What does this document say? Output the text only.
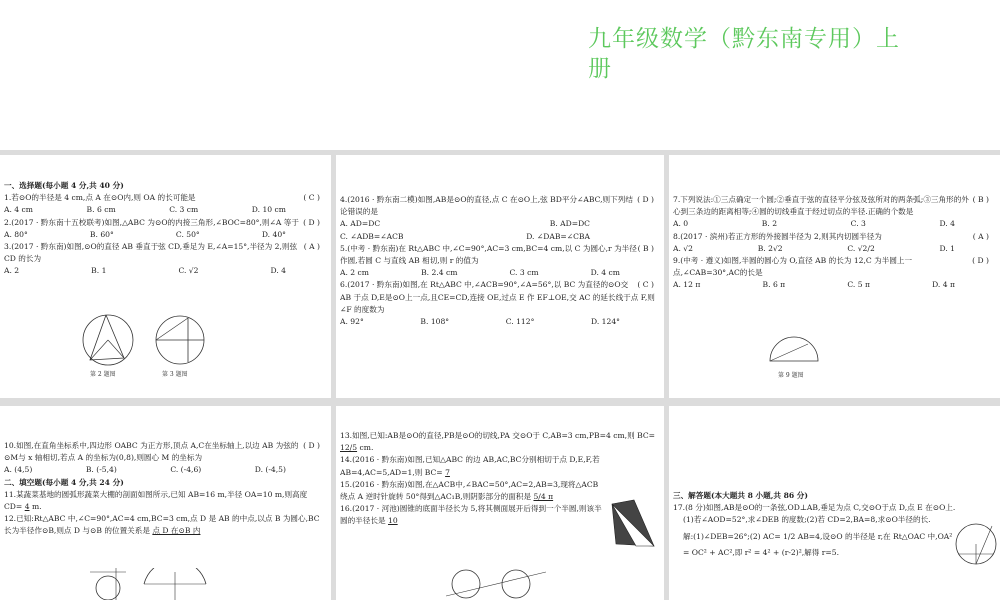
九年级数学（黔东南专用）上册

一、选择题(每小题 4 分,共 40 分)

( C )
1.若⊙O的半径是 4 cm,点 A 在⊙O内,则 OA 的长可能是

A. 4 cm	B. 6 cm	C. 3 cm	D. 10 cm

( D )
2.(2017 · 黔东南十五校联考)如图,△ABC 为⊙O的内接三角形,∠BOC=80°,则∠A 等于

A. 80°	B. 60°	C. 50°	D. 40°

( A )
3.(2017 · 黔东南)如图,⊙O的直径 AB 垂直于弦 CD,垂足为 E,∠A=15°,半径为 2,则弦 CD 的长为

A. 2	B. 1	C. √2	D. 4

第 2 题图	第 3 题图

( D )
4.(2016 · 黔东南二模)如图,AB是⊙O的直径,点 C 在⊙O上,弦 BD平分∠ABC,则下列结论错误的是

A. AD=DC	B. AD=DC

C. ∠ADB=∠ACB	D. ∠DAB=∠CBA

( B )
5.(中考 · 黔东南)在 Rt△ABC 中,∠C=90°,AC=3 cm,BC=4 cm,以 C 为圆心,r 为半径作圆,若圆 C 与直线 AB 相切,则 r 的值为

A. 2 cm	B. 2.4 cm	C. 3 cm	D. 4 cm

( C )
6.(2017 · 黔东南)如图,在 Rt△ABC 中,∠ACB=90°,∠A=56°,以 BC 为直径的⊙O交 AB 于点 D,E是⊙O上一点,且CE=CD,连接 OE,过点 E 作 EF⊥OE,交 AC 的延长线于点 F,则∠F 的度数为

A. 92°	B. 108°	C. 112°	D. 124°

( B )
7.下列说法:①三点确定一个圆;②垂直于弦的直径平分弦及弦所对的两条弧;③三角形的外心到三条边的距离相等;④圆的切线垂直于经过切点的半径.正确的个数是

A. 0	B. 2	C. 3	D. 4

( A )
8.(2017 · 滨州)若正方形的外接圆半径为 2,则其内切圆半径为

A. √2	B. 2√2	C. √2/2	D. 1

( D )
9.(中考 · 遵义)如图,半圆的圆心为 O,直径 AB 的长为 12,C 为半圆上一点,∠CAB=30°,AC的长是

A. 12 π	B. 6 π	C. 5 π	D. 4 π

第 9 题图

( D )
10.如图,在直角坐标系中,四边形 OABC 为正方形,顶点 A,C在坐标轴上,以边 AB 为弦的⊙M与 x 轴相切,若点 A 的坐标为(0,8),则圆心 M 的坐标为

A. (4,5)	B. (-5,4)	C. (-4,6)	D. (-4,5)

二、填空题(每小题 4 分,共 24 分)

11.某蔬菜基地的圆弧形蔬菜大棚的剖面如图所示,已知 AB=16 m,半径 OA=10 m,则高度 CD= 4 m.

12.已知:Rt△ABC 中,∠C=90°,AC=4 cm,BC=3 cm,点 D 是 AB 的中点,以点 B 为圆心,BC长为半径作⊙B,则点 D 与⊙B 的位置关系是 点 D 在⊙B 内

13.如图,已知:AB是⊙O的直径,PB是⊙O的切线,PA 交⊙O于 C,AB=3 cm,PB=4 cm,则 BC= 12/5 cm.

14.(2016 · 黔东南)如图,已知△ABC 的边 AB,AC,BC分别相切于点 D,E,F,若 AB=4,AC=5,AD=1,则 BC= 7

15.(2016 · 黔东南)如图,在△ACB中,∠BAC=50°,AC=2,AB=3,现将△ACB绕点 A 逆时针旋转 50°得到△AC₁B,则阴影部分的面积是 5/4 π

16.(2017 · 河池)圆锥的底面半径长为 5,将其侧面展开后得到一个半圆,则该半圆的半径长是 10

三、解答题(本大题共 8 小题,共 86 分)

17.(8 分)如图,AB是⊙O的一条弦,OD⊥AB,垂足为点 C,交⊙O于点 D,点 E 在⊙O上.

(1)若∠AOD=52°,求∠DEB 的度数;(2)若 CD=2,BA=8,求⊙O半径的长.

解:(1)∠DEB=26°;(2) AC= 1/2 AB=4,设⊙O 的半径是 r,在 Rt△OAC 中,OA²

= OC² + AC²,即 r² = 4² + (r-2)²,解得 r=5.
